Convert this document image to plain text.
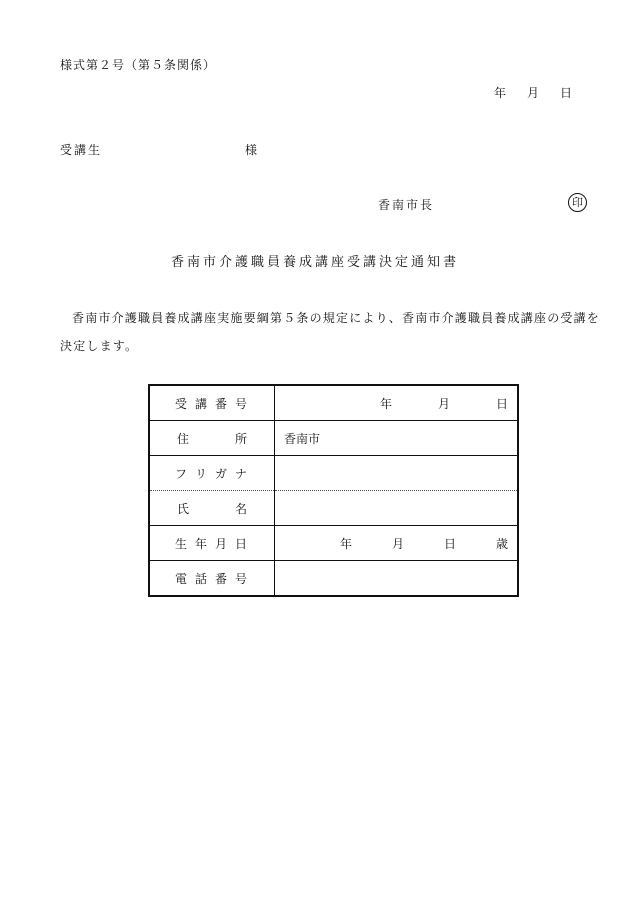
様式第２号（第５条関係）
年	月	日
受講生	様
香南市長	印
香南市介護職員養成講座受講決定通知書
香南市介護職員養成講座実施要綱第５条の規定により、香南市介護職員養成講座の受講を決定します。
受 講 番 号	年 月 日

住 所	香南市

フ リ ガ ナ	

氏 名	

生 年 月 日	年 月 日 歳

電 話 番 号	
